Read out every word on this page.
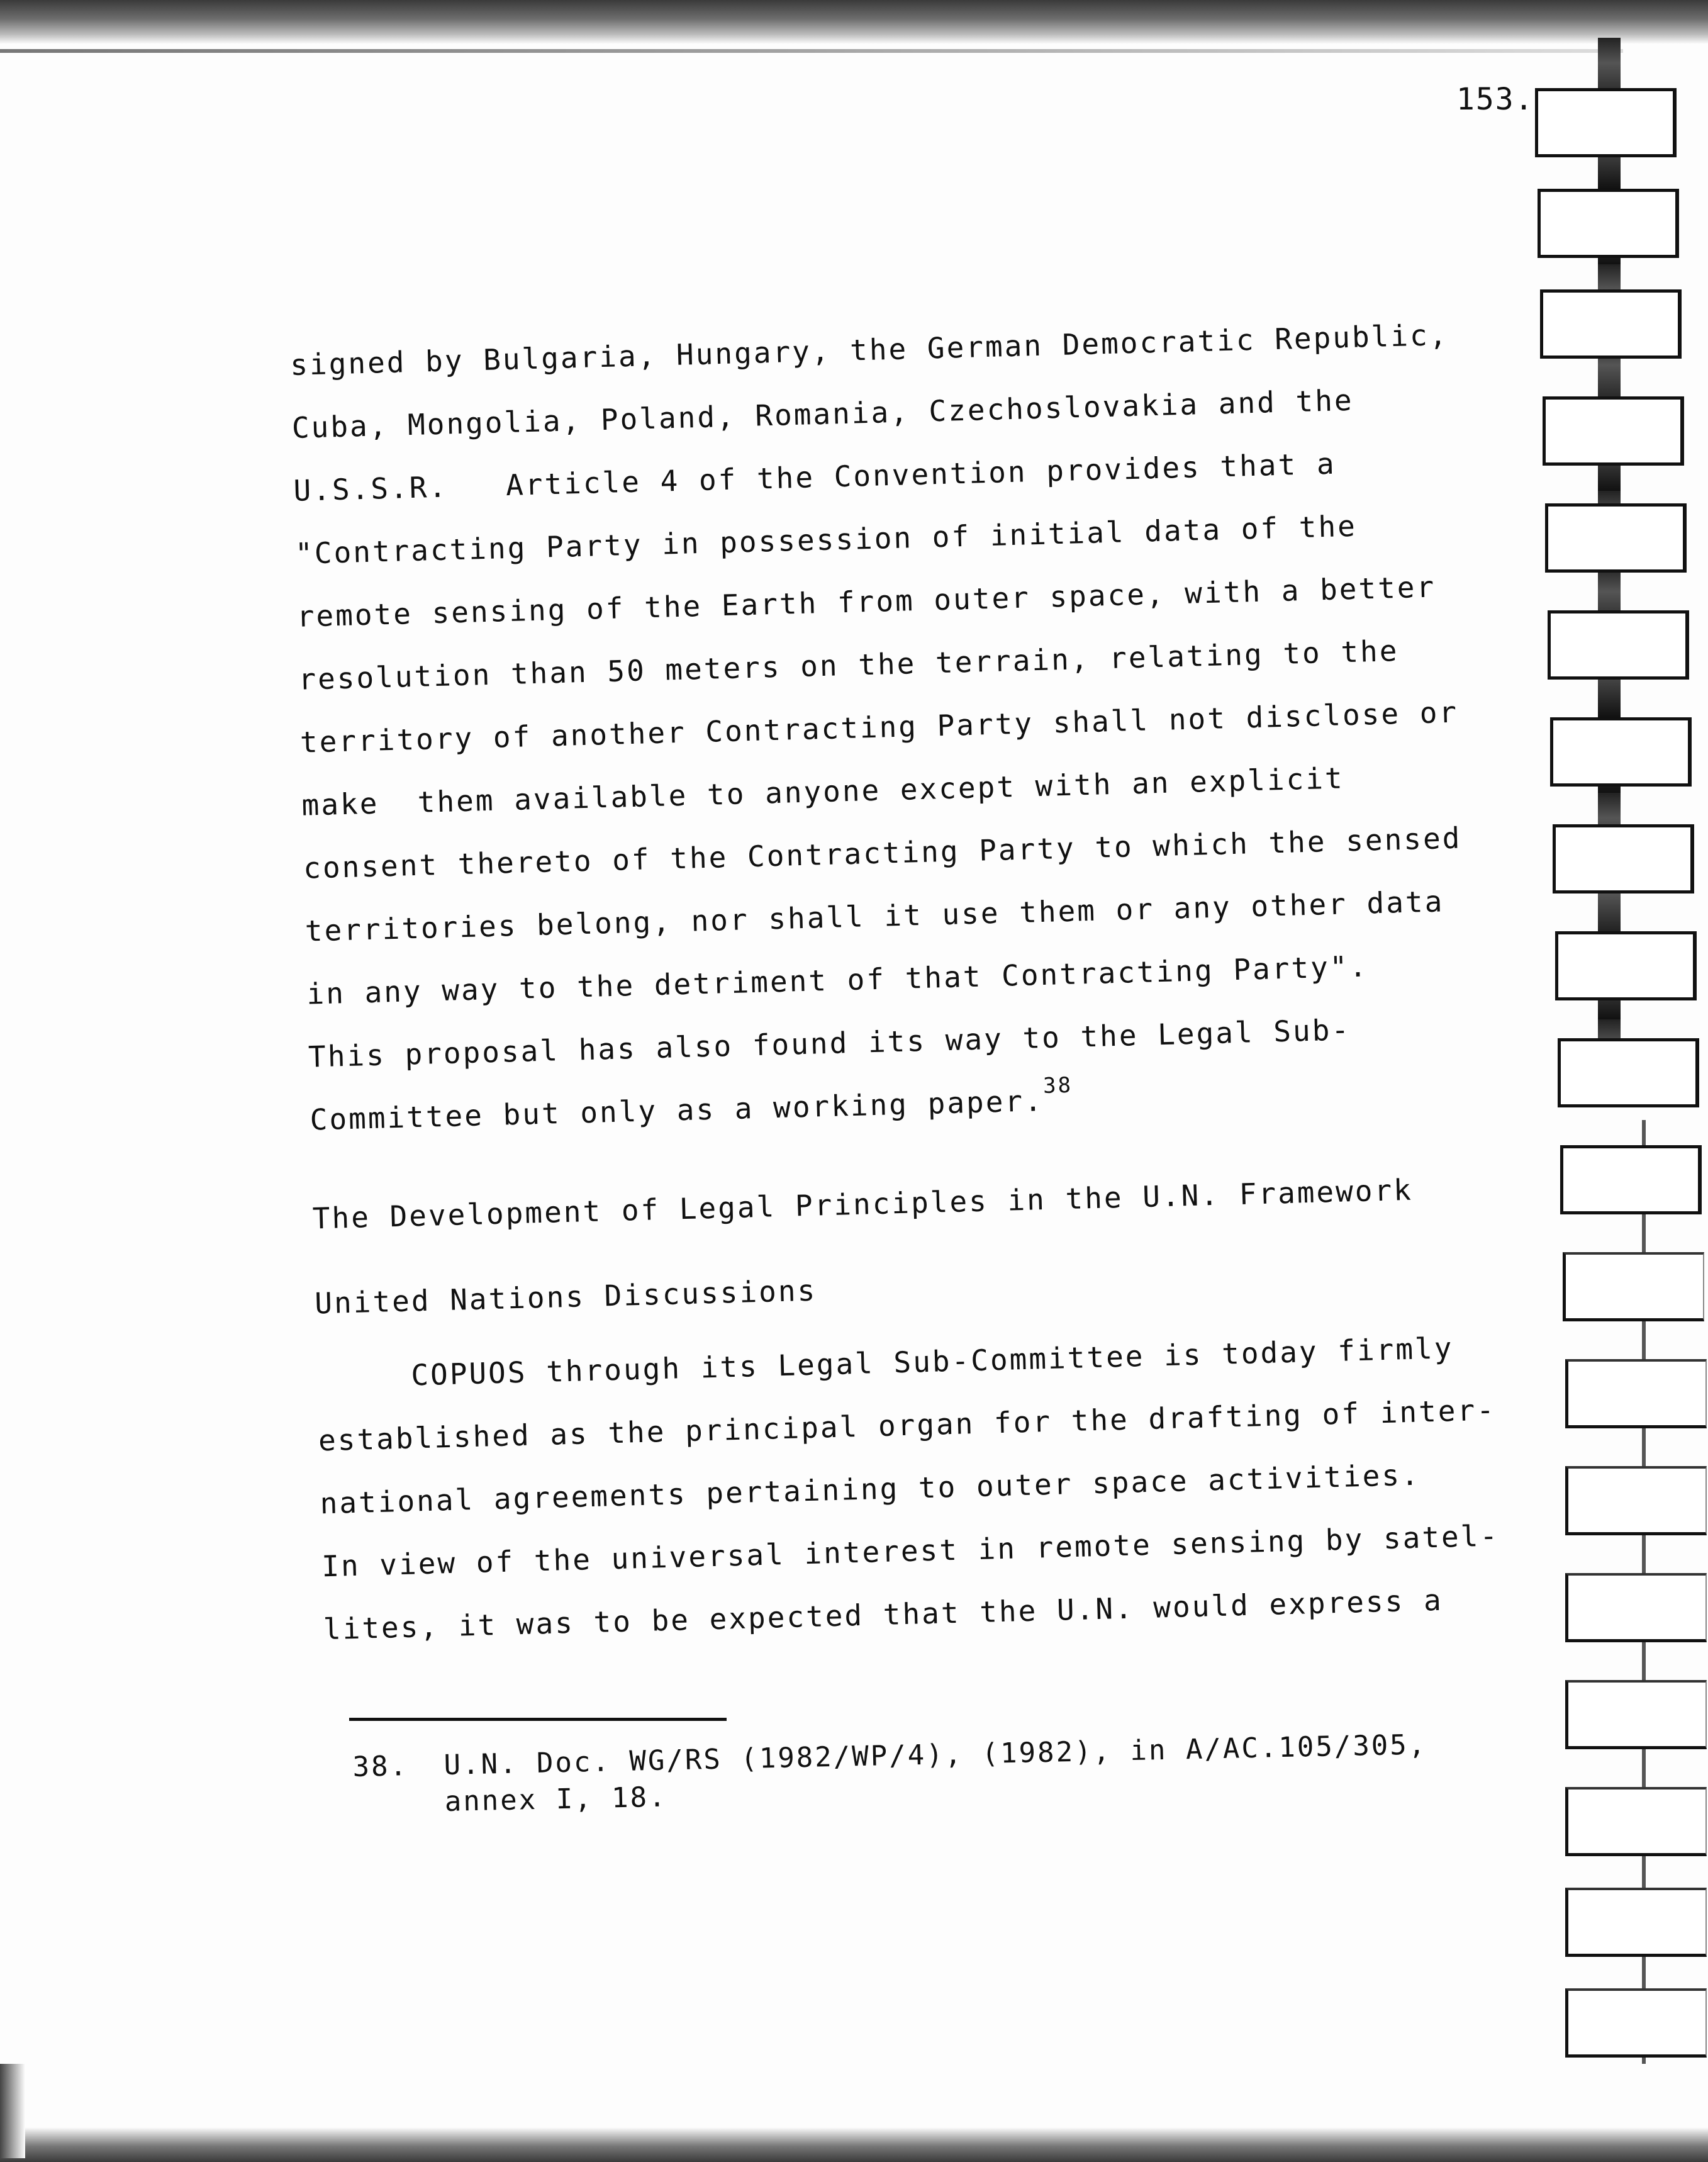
153.
signed by Bulgaria, Hungary, the German Democratic Republic,
Cuba, Mongolia, Poland, Romania, Czechoslovakia and the
U.S.S.R.   Article 4 of the Convention provides that a
"Contracting Party in possession of initial data of the
remote sensing of the Earth from outer space, with a better
resolution than 50 meters on the terrain, relating to the
territory of another Contracting Party shall not disclose or
make  them available to anyone except with an explicit
consent thereto of the Contracting Party to which the sensed
territories belong, nor shall it use them or any other data
in any way to the detriment of that Contracting Party".
This proposal has also found its way to the Legal Sub-
Committee but only as a working paper.$^{38}$
The Development of Legal Principles in the U.N. Framework
United Nations Discussions
COPUOS through its Legal Sub-Committee is today firmly
established as the principal organ for the drafting of inter-
national agreements pertaining to outer space activities.
In view of the universal interest in remote sensing by satel-
lites, it was to be expected that the U.N. would express a
38. U.N. Doc. WG/RS (1982/WP/4), (1982), in A/AC.105/305,
annex I, 18.
